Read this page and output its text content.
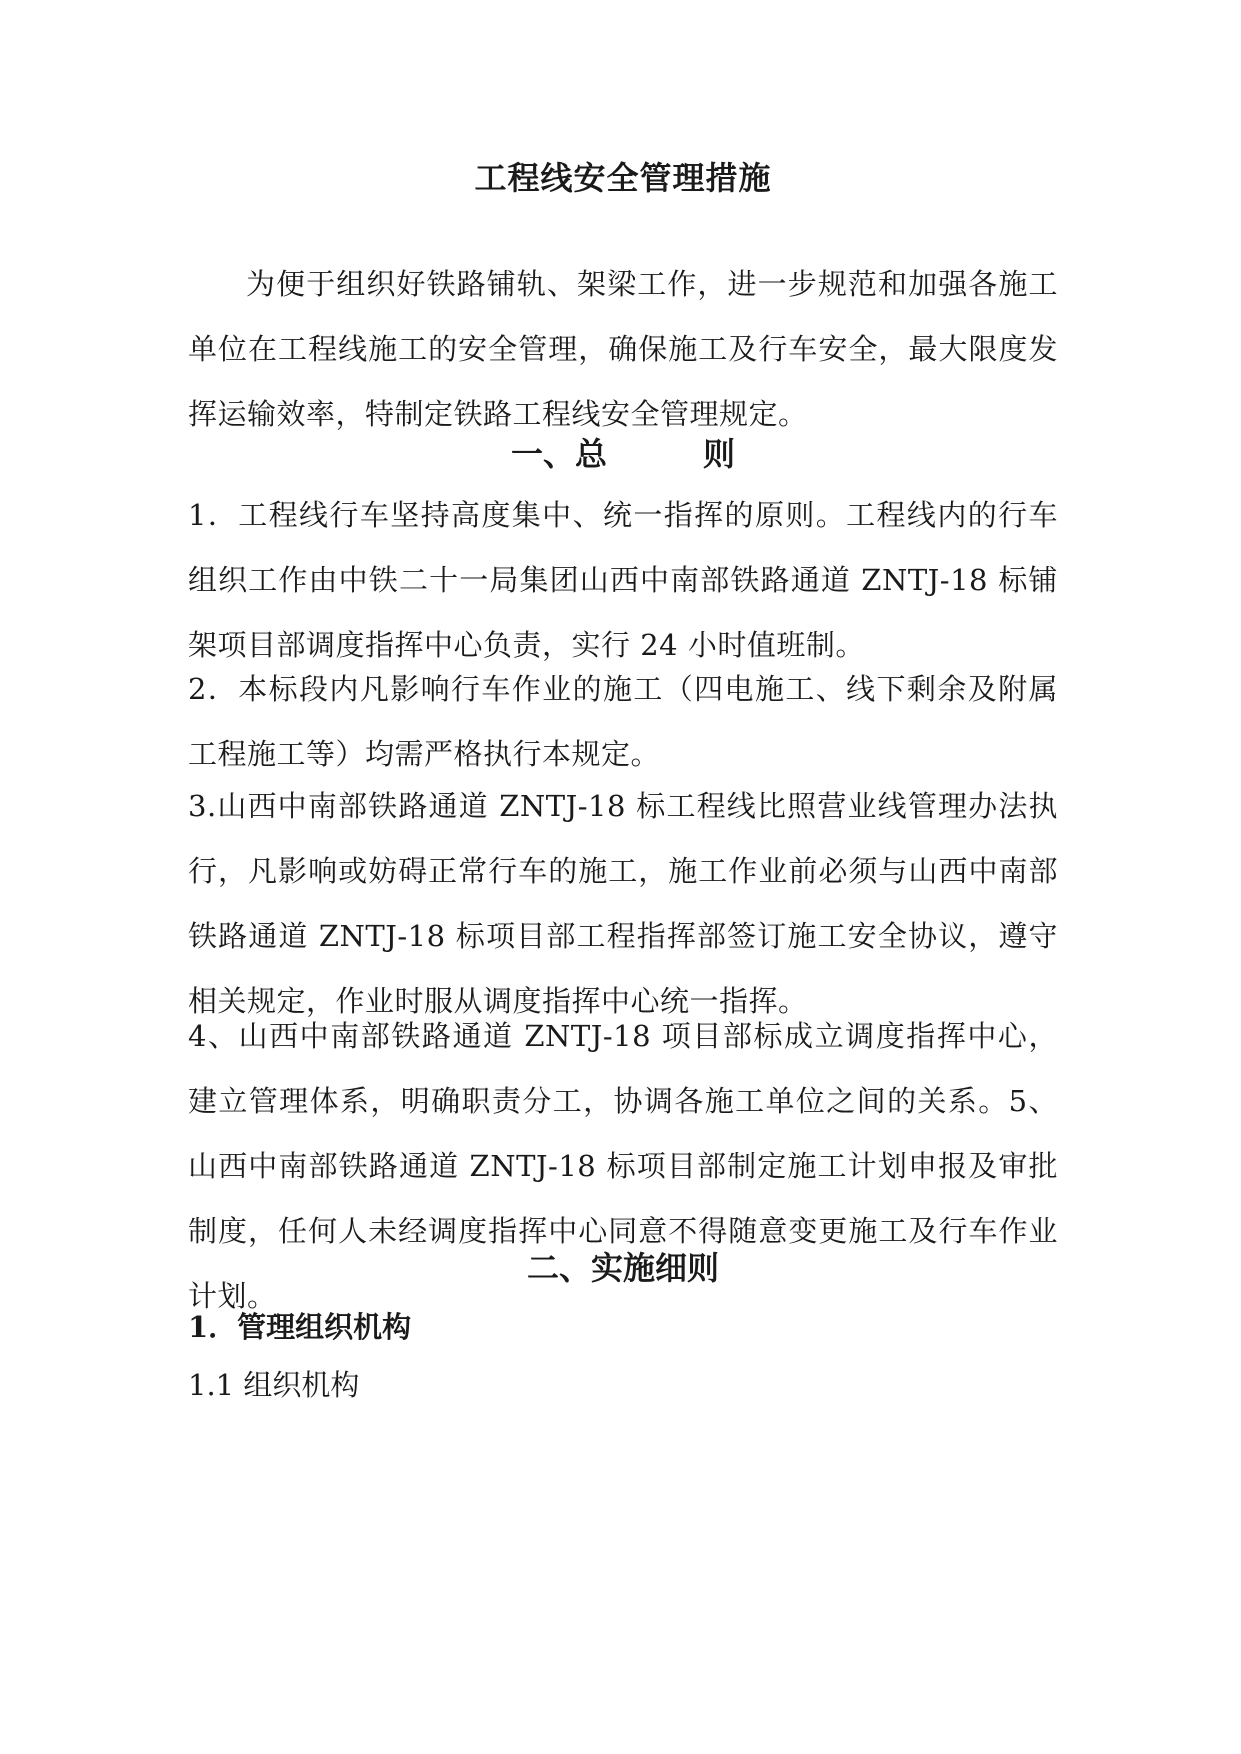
工程线安全管理措施

为便于组织好铁路铺轨、架梁工作，进一步规范和加强各施工单位在工程线施工的安全管理，确保施工及行车安全，最大限度发挥运输效率，特制定铁路工程线安全管理规定。

一、总　　　则

1．工程线行车坚持高度集中、统一指挥的原则。工程线内的行车组织工作由中铁二十一局集团山西中南部铁路通道 ZNTJ-18 标铺架项目部调度指挥中心负责，实行 24 小时值班制。

2．本标段内凡影响行车作业的施工（四电施工、线下剩余及附属工程施工等）均需严格执行本规定。

3.山西中南部铁路通道 ZNTJ-18 标工程线比照营业线管理办法执行，凡影响或妨碍正常行车的施工，施工作业前必须与山西中南部铁路通道 ZNTJ-18 标项目部工程指挥部签订施工安全协议，遵守相关规定，作业时服从调度指挥中心统一指挥。

4、山西中南部铁路通道 ZNTJ-18 项目部标成立调度指挥中心，建立管理体系，明确职责分工，协调各施工单位之间的关系。5、山西中南部铁路通道 ZNTJ-18 标项目部制定施工计划申报及审批制度，任何人未经调度指挥中心同意不得随意变更施工及行车作业计划。

二、实施细则
1．管理组织机构
1.1 组织机构
